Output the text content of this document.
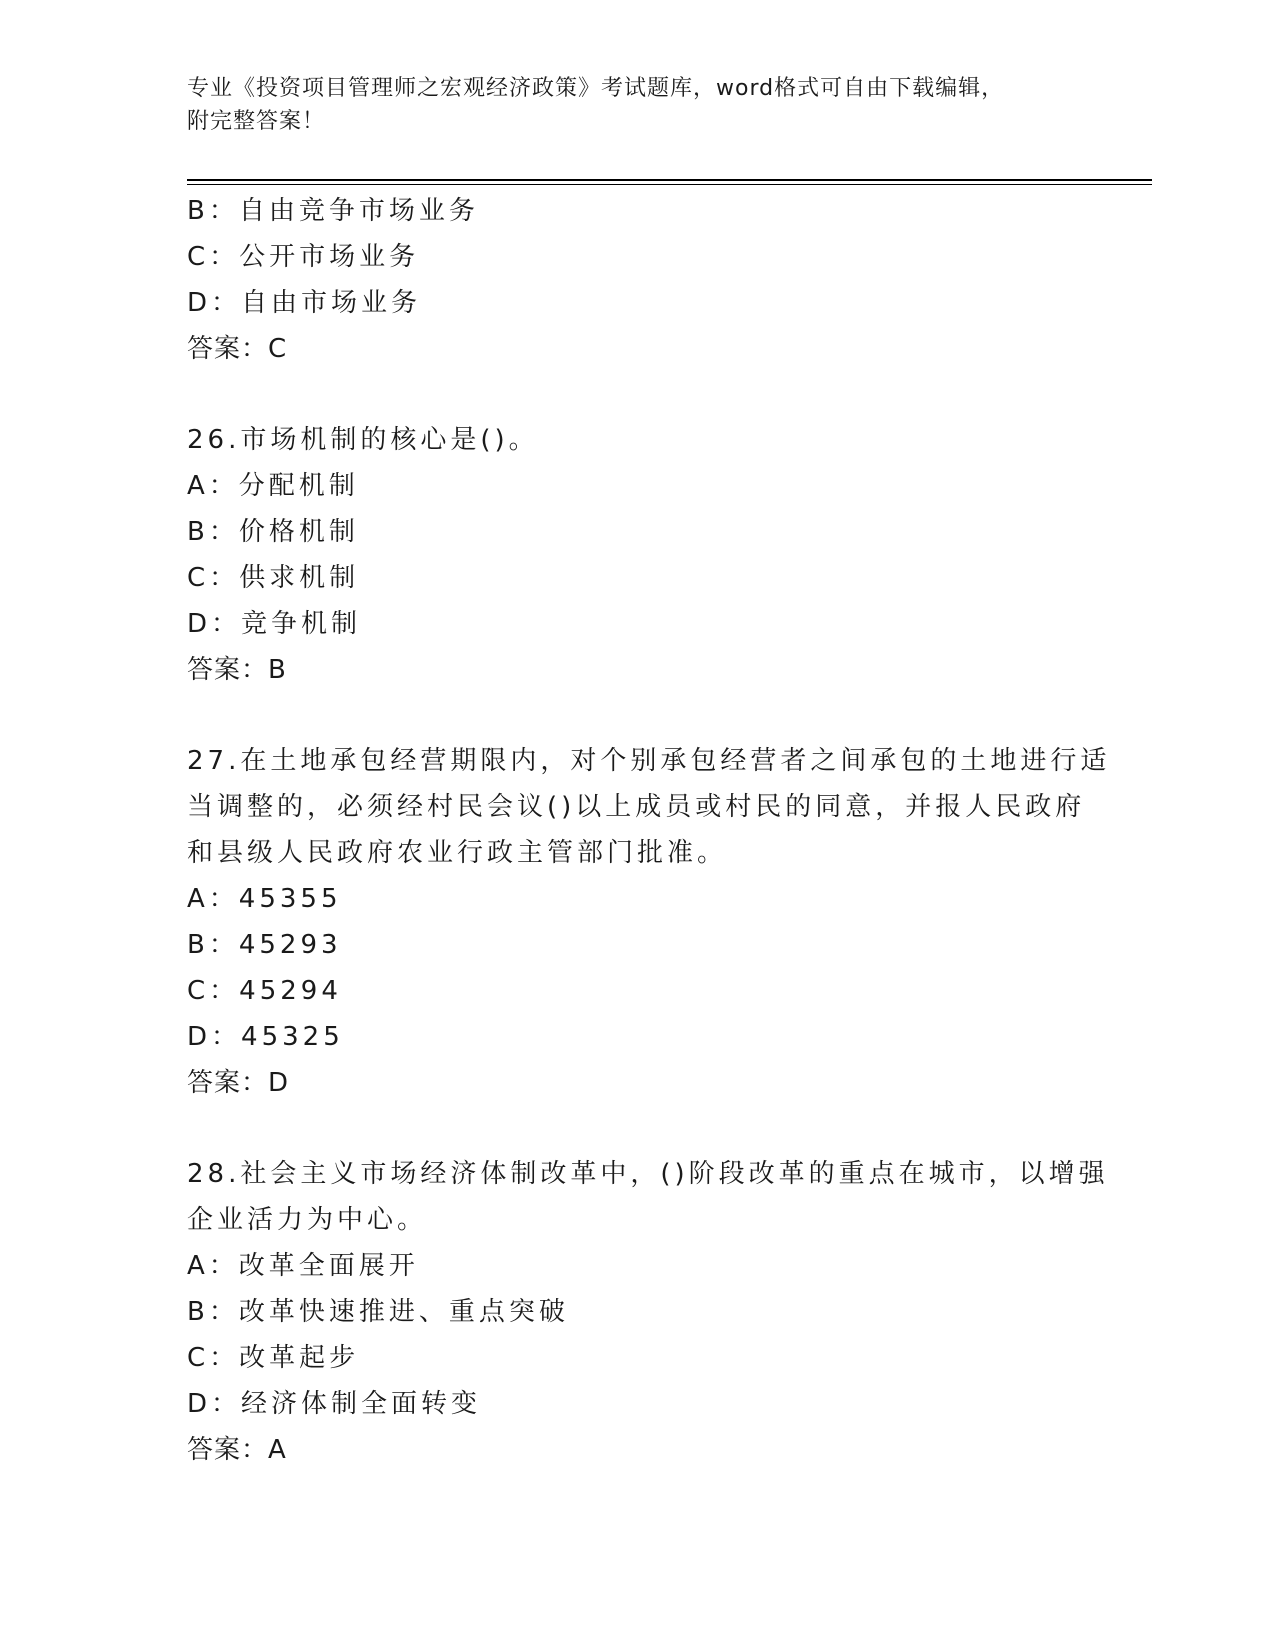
专业《投资项目管理师之宏观经济政策》考试题库，word格式可自由下载编辑，
附完整答案！
B：自由竞争市场业务
C：公开市场业务
D：自由市场业务
答案：C
26.市场机制的核心是()。
A：分配机制
B：价格机制
C：供求机制
D：竞争机制
答案：B
27.在土地承包经营期限内，对个别承包经营者之间承包的土地进行适
当调整的，必须经村民会议()以上成员或村民的同意，并报人民政府
和县级人民政府农业行政主管部门批准。
A：45355
B：45293
C：45294
D：45325
答案：D
28.社会主义市场经济体制改革中，()阶段改革的重点在城市，以增强
企业活力为中心。
A：改革全面展开
B：改革快速推进、重点突破
C：改革起步
D：经济体制全面转变
答案：A
